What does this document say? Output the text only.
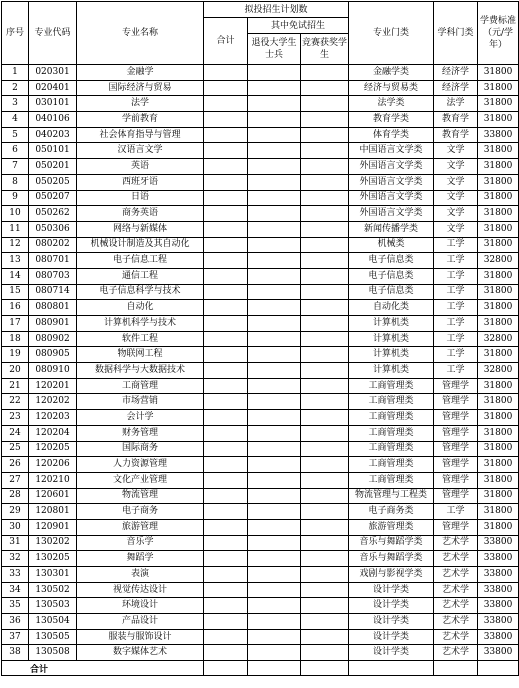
序号	专业代码	专业名称	拟投招生计划数			专业门类	学科门类	学费标准（元/学年）
			合计	其中免试招生				
				退役大学生士兵	竞赛获奖学生			
1	020301	金融学				金融学类	经济学	31800
2	020401	国际经济与贸易				经济与贸易类	经济学	31800
3	030101	法学				法学类	法学	31800
4	040106	学前教育				教育学类	教育学	31800
5	040203	社会体育指导与管理				体育学类	教育学	33800
6	050101	汉语言文学				中国语言文学类	文学	31800
7	050201	英语				外国语言文学类	文学	31800
8	050205	西班牙语				外国语言文学类	文学	31800
9	050207	日语				外国语言文学类	文学	31800
10	050262	商务英语				外国语言文学类	文学	31800
11	050306	网络与新媒体				新闻传播学类	文学	31800
12	080202	机械设计制造及其自动化				机械类	工学	31800
13	080701	电子信息工程				电子信息类	工学	32800
14	080703	通信工程				电子信息类	工学	31800
15	080714	电子信息科学与技术				电子信息类	工学	31800
16	080801	自动化				自动化类	工学	31800
17	080901	计算机科学与技术				计算机类	工学	31800
18	080902	软件工程				计算机类	工学	32800
19	080905	物联网工程				计算机类	工学	31800
20	080910	数据科学与大数据技术				计算机类	工学	32800
21	120201	工商管理				工商管理类	管理学	31800
22	120202	市场营销				工商管理类	管理学	31800
23	120203	会计学				工商管理类	管理学	31800
24	120204	财务管理				工商管理类	管理学	31800
25	120205	国际商务				工商管理类	管理学	31800
26	120206	人力资源管理				工商管理类	管理学	31800
27	120210	文化产业管理				工商管理类	管理学	31800
28	120601	物流管理				物流管理与工程类	管理学	31800
29	120801	电子商务				电子商务类	工学	31800
30	120901	旅游管理				旅游管理类	管理学	31800
31	130202	音乐学				音乐与舞蹈学类	艺术学	33800
32	130205	舞蹈学				音乐与舞蹈学类	艺术学	33800
33	130301	表演				戏剧与影视学类	艺术学	33800
34	130502	视觉传达设计				设计学类	艺术学	33800
35	130503	环境设计				设计学类	艺术学	33800
36	130504	产品设计				设计学类	艺术学	33800
37	130505	服装与服饰设计				设计学类	艺术学	33800
38	130508	数字媒体艺术				设计学类	艺术学	33800
合计								
